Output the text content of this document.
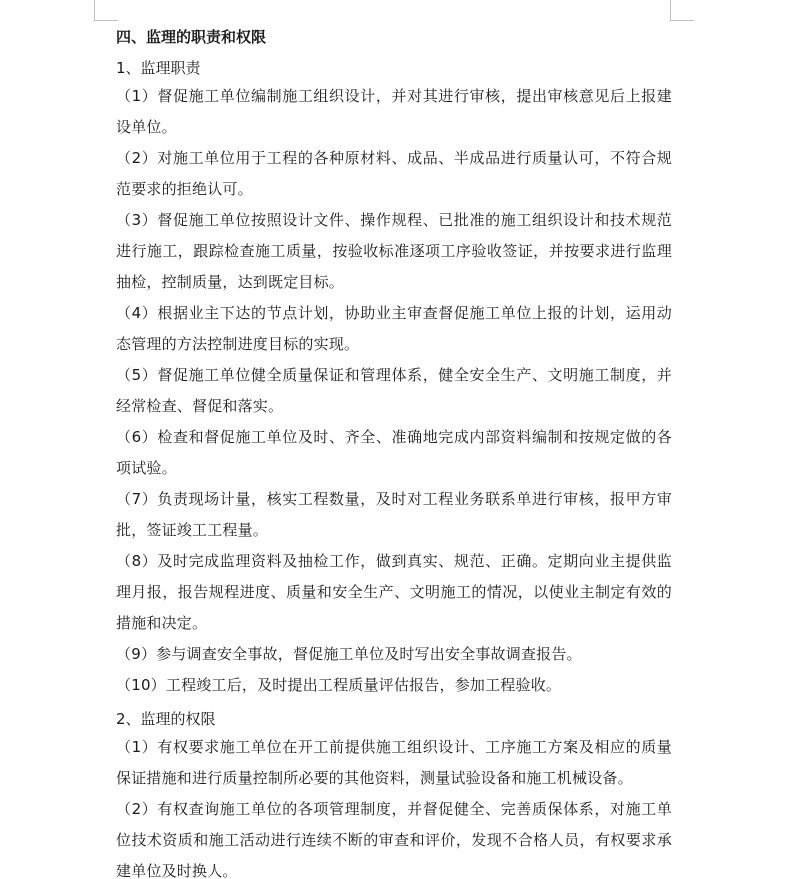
四、监理的职责和权限
1、监理职责

（1）督促施工单位编制施工组织设计，并对其进行审核，提出审核意见后上报建设单位。

（2）对施工单位用于工程的各种原材料、成品、半成品进行质量认可，不符合规范要求的拒绝认可。

（3）督促施工单位按照设计文件、操作规程、已批准的施工组织设计和技术规范进行施工，跟踪检查施工质量，按验收标准逐项工序验收签证，并按要求进行监理抽检，控制质量，达到既定目标。

（4）根据业主下达的节点计划，协助业主审查督促施工单位上报的计划，运用动态管理的方法控制进度目标的实现。

（5）督促施工单位健全质量保证和管理体系，健全安全生产、文明施工制度，并经常检查、督促和落实。

（6）检查和督促施工单位及时、齐全、准确地完成内部资料编制和按规定做的各项试验。

（7）负责现场计量，核实工程数量，及时对工程业务联系单进行审核，报甲方审批，签证竣工工程量。

（8）及时完成监理资料及抽检工作，做到真实、规范、正确。定期向业主提供监理月报，报告规程进度、质量和安全生产、文明施工的情况，以使业主制定有效的措施和决定。

（9）参与调查安全事故，督促施工单位及时写出安全事故调查报告。

（10）工程竣工后，及时提出工程质量评估报告，参加工程验收。

2、监理的权限

（1）有权要求施工单位在开工前提供施工组织设计、工序施工方案及相应的质量保证措施和进行质量控制所必要的其他资料，测量试验设备和施工机械设备。

（2）有权查询施工单位的各项管理制度，并督促健全、完善质保体系，对施工单位技术资质和施工活动进行连续不断的审查和评价，发现不合格人员，有权要求承建单位及时换人。
